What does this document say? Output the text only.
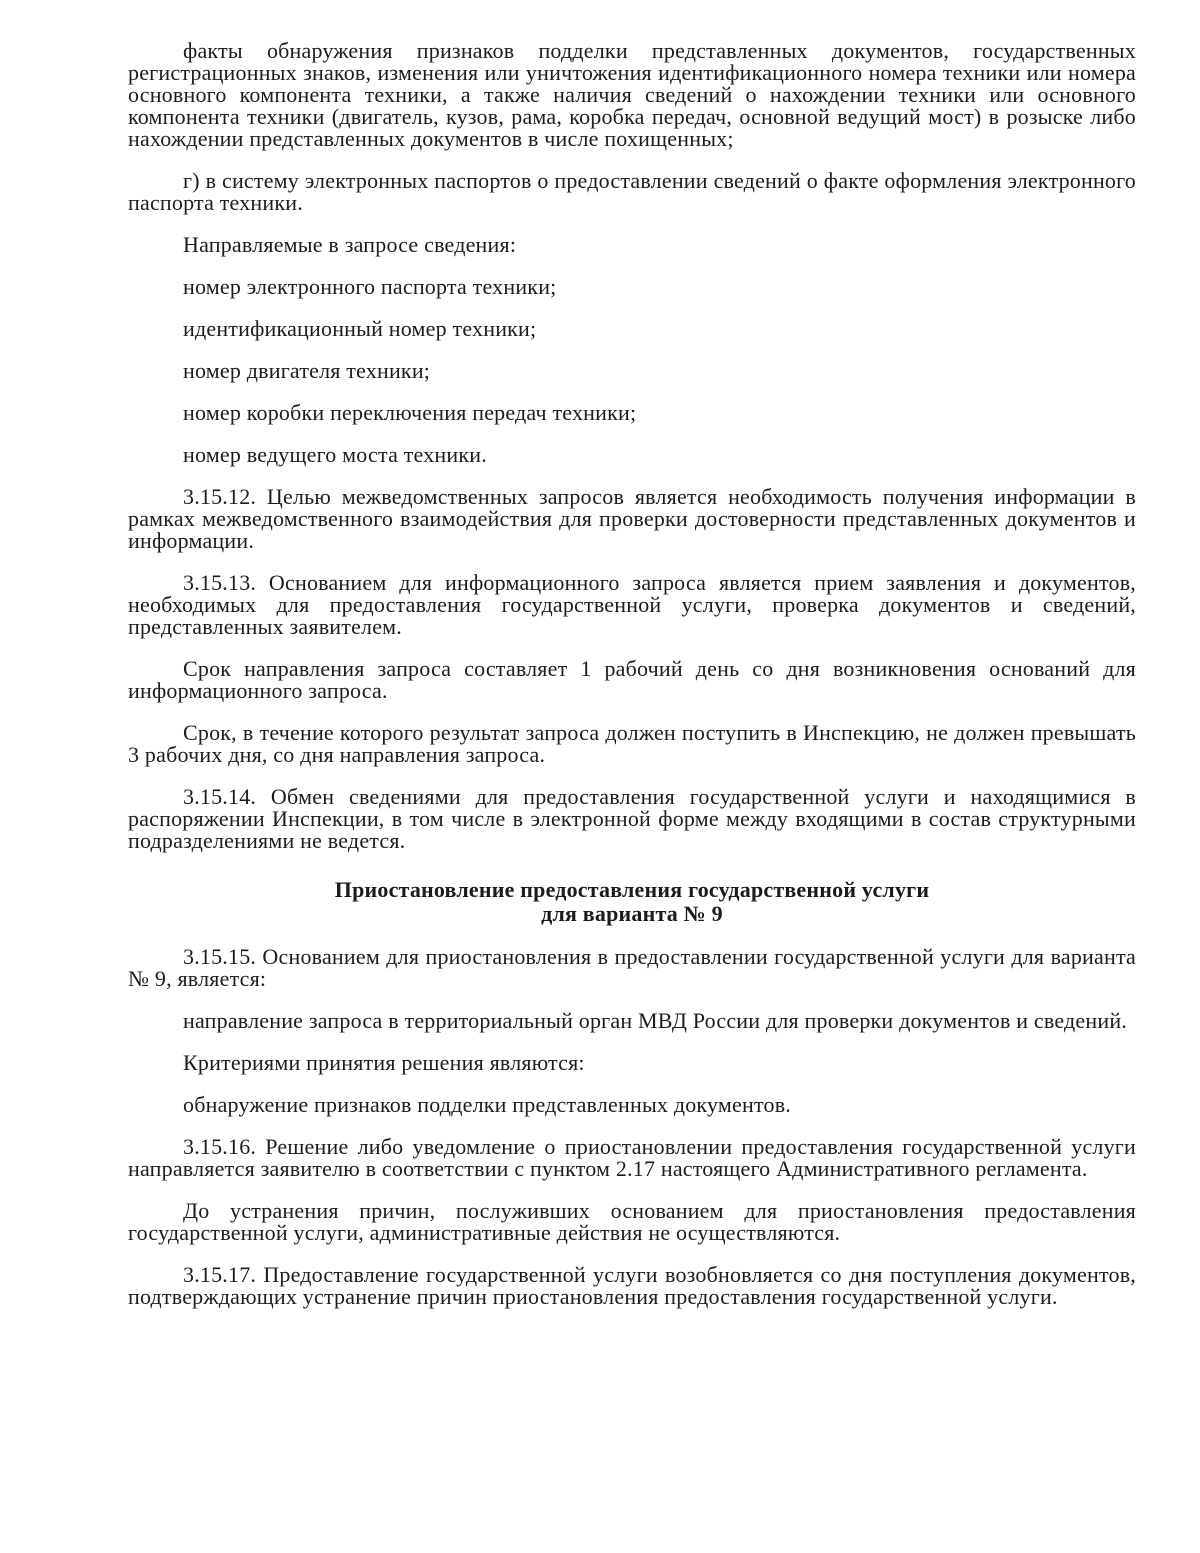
факты обнаружения признаков подделки представленных документов, государственных регистрационных знаков, изменения или уничтожения идентификационного номера техники или номера основного компонента техники, а также наличия сведений о нахождении техники или основного компонента техники (двигатель, кузов, рама, коробка передач, основной ведущий мост) в розыске либо нахождении представленных документов в числе похищенных;

г) в систему электронных паспортов о предоставлении сведений о факте оформления электронного паспорта техники.

Направляемые в запросе сведения:

номер электронного паспорта техники;

идентификационный номер техники;

номер двигателя техники;

номер коробки переключения передач техники;

номер ведущего моста техники.

3.15.12. Целью межведомственных запросов является необходимость получения информации в рамках межведомственного взаимодействия для проверки достоверности представленных документов и информации.

3.15.13. Основанием для информационного запроса является прием заявления и документов, необходимых для предоставления государственной услуги, проверка документов и сведений, представленных заявителем.

Срок направления запроса составляет 1 рабочий день со дня возникновения оснований для информационного запроса.

Срок, в течение которого результат запроса должен поступить в Инспекцию, не должен превышать 3 рабочих дня, со дня направления запроса.

3.15.14. Обмен сведениями для предоставления государственной услуги и находящимися в распоряжении Инспекции, в том числе в электронной форме между входящими в состав структурными подразделениями не ведется.

Приостановление предоставления государственной услуги
для варианта № 9

3.15.15. Основанием для приостановления в предоставлении государственной услуги для варианта № 9, является:

направление запроса в территориальный орган МВД России для проверки документов и сведений.

Критериями принятия решения являются:

обнаружение признаков подделки представленных документов.

3.15.16. Решение либо уведомление о приостановлении предоставления государственной услуги направляется заявителю в соответствии с пунктом 2.17 настоящего Административного регламента.

До устранения причин, послуживших основанием для приостановления предоставления государственной услуги, административные действия не осуществляются.

3.15.17. Предоставление государственной услуги возобновляется со дня поступления документов, подтверждающих устранение причин приостановления предоставления государственной услуги.
